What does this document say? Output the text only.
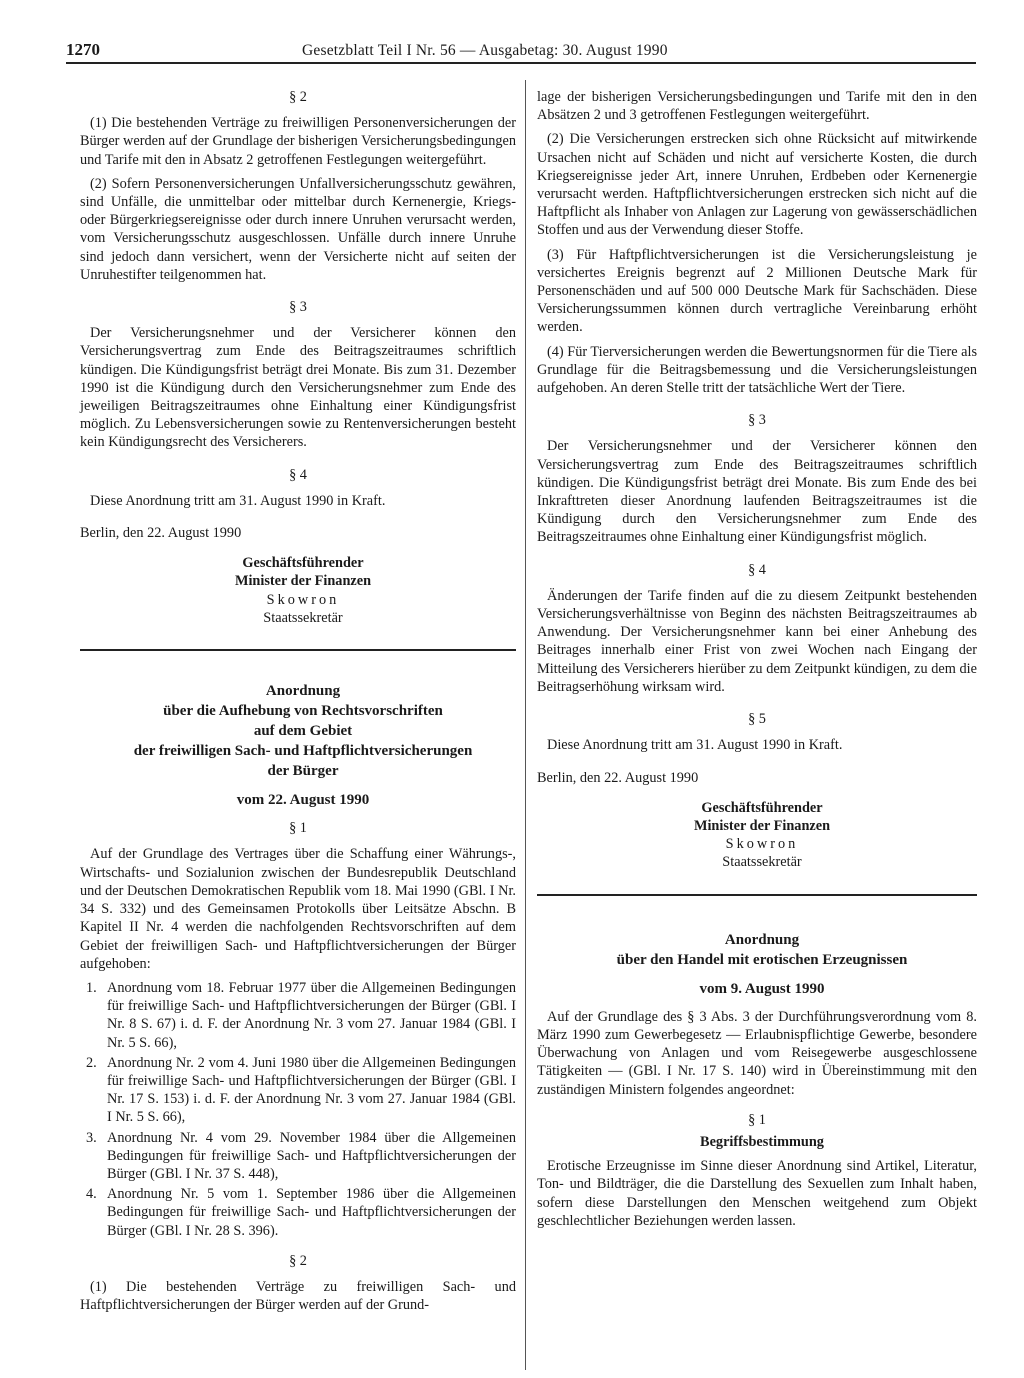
1270	Gesetzblatt Teil I Nr. 56 — Ausgabetag: 30. August 1990
§ 2

(1) Die bestehenden Verträge zu freiwilligen Personenversicherungen der Bürger werden auf der Grundlage der bisherigen Versicherungsbedingungen und Tarife mit den in Absatz 2 getroffenen Festlegungen weitergeführt.

(2) Sofern Personenversicherungen Unfallversicherungsschutz gewähren, sind Unfälle, die unmittelbar oder mittelbar durch Kernenergie, Kriegs- oder Bürgerkriegsereignisse oder durch innere Unruhen verursacht werden, vom Versicherungsschutz ausgeschlossen. Unfälle durch innere Unruhe sind jedoch dann versichert, wenn der Versicherte nicht auf seiten der Unruhestifter teilgenommen hat.

§ 3

Der Versicherungsnehmer und der Versicherer können den Versicherungsvertrag zum Ende des Beitragszeitraumes schriftlich kündigen. Die Kündigungsfrist beträgt drei Monate. Bis zum 31. Dezember 1990 ist die Kündigung durch den Versicherungsnehmer zum Ende des jeweiligen Beitragszeitraumes ohne Einhaltung einer Kündigungsfrist möglich. Zu Lebensversicherungen sowie zu Rentenversicherungen besteht kein Kündigungsrecht des Versicherers.

§ 4

Diese Anordnung tritt am 31. August 1990 in Kraft.

Berlin, den 22. August 1990

Geschäftsführender

Minister der Finanzen

Skowron

Staatssekretär

Anordnung

über die Aufhebung von Rechtsvorschriften

auf dem Gebiet

der freiwilligen Sach- und Haftpflichtversicherungen

der Bürger

vom 22. August 1990

§ 1

Auf der Grundlage des Vertrages über die Schaffung einer Währungs-, Wirtschafts- und Sozialunion zwischen der Bundesrepublik Deutschland und der Deutschen Demokratischen Republik vom 18. Mai 1990 (GBl. I Nr. 34 S. 332) und des Gemeinsamen Protokolls über Leitsätze Abschn. B Kapitel II Nr. 4 werden die nachfolgenden Rechtsvorschriften auf dem Gebiet der freiwilligen Sach- und Haftpflichtversicherungen der Bürger aufgehoben:

1. Anordnung vom 18. Februar 1977 über die Allgemeinen Bedingungen für freiwillige Sach- und Haftpflichtversicherungen der Bürger (GBl. I Nr. 8 S. 67) i. d. F. der Anordnung Nr. 3 vom 27. Januar 1984 (GBl. I Nr. 5 S. 66),
2. Anordnung Nr. 2 vom 4. Juni 1980 über die Allgemeinen Bedingungen für freiwillige Sach- und Haftpflichtversicherungen der Bürger (GBl. I Nr. 17 S. 153) i. d. F. der Anordnung Nr. 3 vom 27. Januar 1984 (GBl. I Nr. 5 S. 66),
3. Anordnung Nr. 4 vom 29. November 1984 über die Allgemeinen Bedingungen für freiwillige Sach- und Haftpflichtversicherungen der Bürger (GBl. I Nr. 37 S. 448),
4. Anordnung Nr. 5 vom 1. September 1986 über die Allgemeinen Bedingungen für freiwillige Sach- und Haftpflichtversicherungen der Bürger (GBl. I Nr. 28 S. 396).
§ 2

(1) Die bestehenden Verträge zu freiwilligen Sach- und Haftpflichtversicherungen der Bürger werden auf der Grund-

lage der bisherigen Versicherungsbedingungen und Tarife mit den in den Absätzen 2 und 3 getroffenen Festlegungen weitergeführt.

(2) Die Versicherungen erstrecken sich ohne Rücksicht auf mitwirkende Ursachen nicht auf Schäden und nicht auf versicherte Kosten, die durch Kriegsereignisse jeder Art, innere Unruhen, Erdbeben oder Kernenergie verursacht werden. Haftpflichtversicherungen erstrecken sich nicht auf die Haftpflicht als Inhaber von Anlagen zur Lagerung von gewässerschädlichen Stoffen und aus der Verwendung dieser Stoffe.

(3) Für Haftpflichtversicherungen ist die Versicherungsleistung je versichertes Ereignis begrenzt auf 2 Millionen Deutsche Mark für Personenschäden und auf 500 000 Deutsche Mark für Sachschäden. Diese Versicherungssummen können durch vertragliche Vereinbarung erhöht werden.

(4) Für Tierversicherungen werden die Bewertungsnormen für die Tiere als Grundlage für die Beitragsbemessung und die Versicherungsleistungen aufgehoben. An deren Stelle tritt der tatsächliche Wert der Tiere.

§ 3

Der Versicherungsnehmer und der Versicherer können den Versicherungsvertrag zum Ende des Beitragszeitraumes schriftlich kündigen. Die Kündigungsfrist beträgt drei Monate. Bis zum Ende des bei Inkrafttreten dieser Anordnung laufenden Beitragszeitraumes ist die Kündigung durch den Versicherungsnehmer zum Ende des Beitragszeitraumes ohne Einhaltung einer Kündigungsfrist möglich.

§ 4

Änderungen der Tarife finden auf die zu diesem Zeitpunkt bestehenden Versicherungsverhältnisse von Beginn des nächsten Beitragszeitraumes ab Anwendung. Der Versicherungsnehmer kann bei einer Anhebung des Beitrages innerhalb einer Frist von zwei Wochen nach Eingang der Mitteilung des Versicherers hierüber zu dem Zeitpunkt kündigen, zu dem die Beitragserhöhung wirksam wird.

§ 5

Diese Anordnung tritt am 31. August 1990 in Kraft.

Berlin, den 22. August 1990

Geschäftsführender

Minister der Finanzen

Skowron

Staatssekretär

Anordnung

über den Handel mit erotischen Erzeugnissen

vom 9. August 1990

Auf der Grundlage des § 3 Abs. 3 der Durchführungsverordnung vom 8. März 1990 zum Gewerbegesetz — Erlaubnispflichtige Gewerbe, besondere Überwachung von Anlagen und vom Reisegewerbe ausgeschlossene Tätigkeiten — (GBl. I Nr. 17 S. 140) wird in Übereinstimmung mit den zuständigen Ministern folgendes angeordnet:

§ 1

Begriffsbestimmung

Erotische Erzeugnisse im Sinne dieser Anordnung sind Artikel, Literatur, Ton- und Bildträger, die die Darstellung des Sexuellen zum Inhalt haben, sofern diese Darstellungen den Menschen weitgehend zum Objekt geschlechtlicher Beziehungen werden lassen.
